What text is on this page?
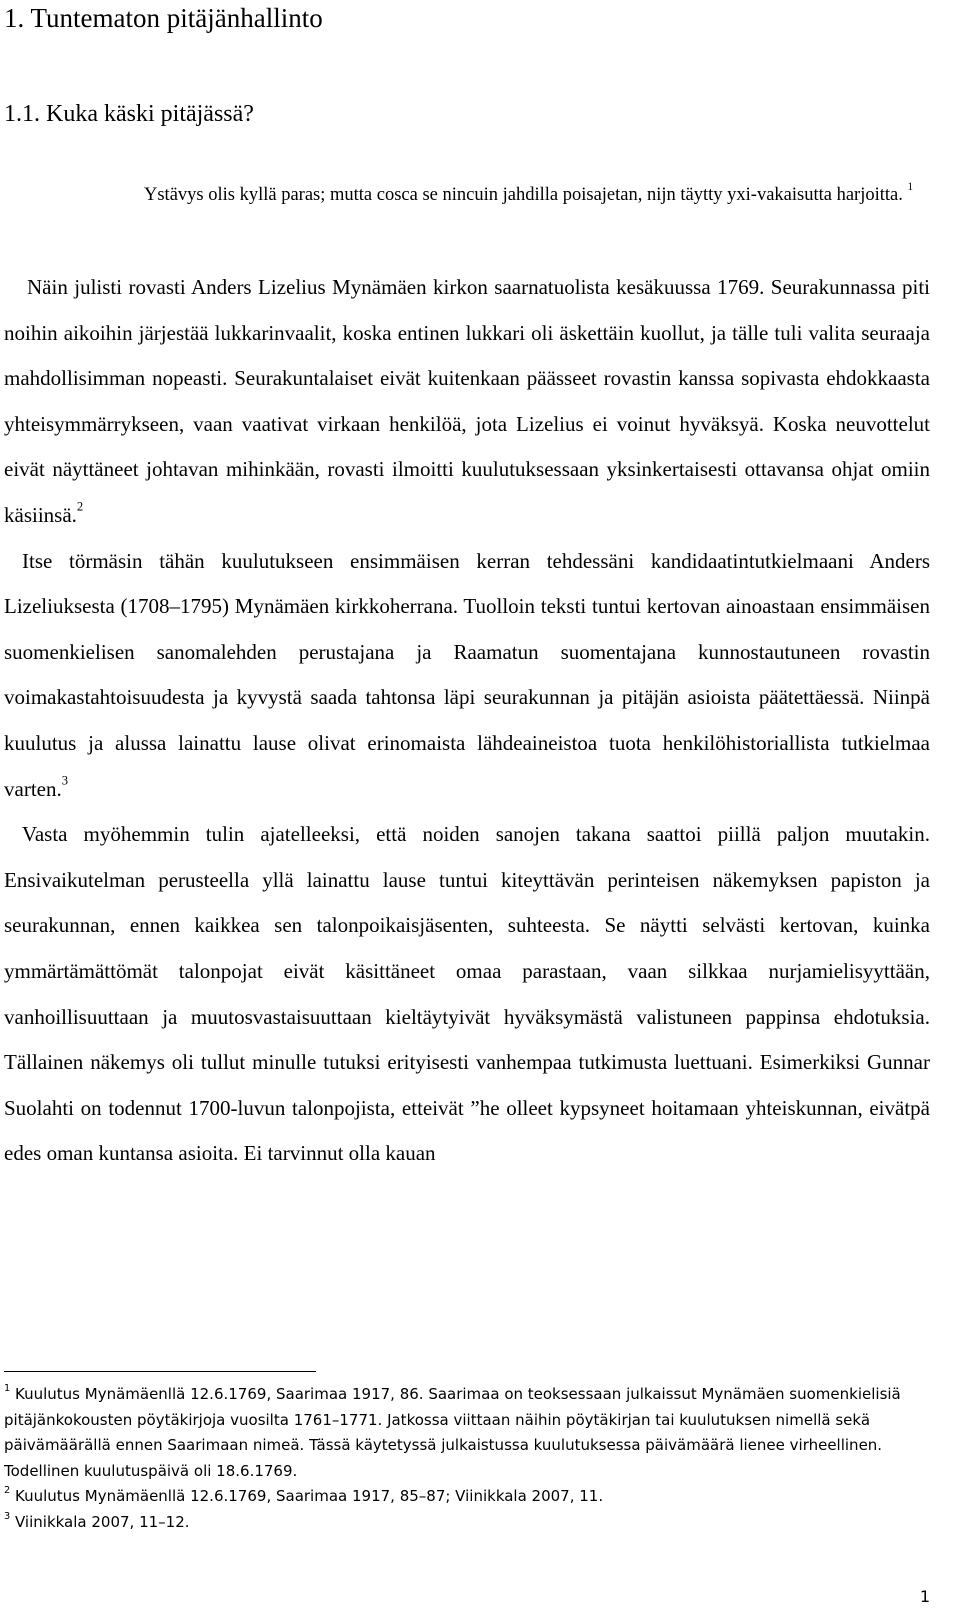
1. Tuntematon pitäjänhallinto
1.1. Kuka käski pitäjässä?

Ystävys olis kyllä paras; mutta cosca se nincuin jahdilla poisajetan, nijn täytty yxi-vakaisutta harjoitta. $^1$

Näin julisti rovasti Anders Lizelius Mynämäen kirkon saarnatuolista kesäkuussa 1769. Seurakunnassa piti noihin aikoihin järjestää lukkarinvaalit, koska entinen lukkari oli äskettäin kuollut, ja tälle tuli valita seuraaja mahdollisimman nopeasti. Seurakuntalaiset eivät kuitenkaan päässeet rovastin kanssa sopivasta ehdokkaasta yhteisymmärrykseen, vaan vaativat virkaan henkilöä, jota Lizelius ei voinut hyväksyä. Koska neuvottelut eivät näyttäneet johtavan mihinkään, rovasti ilmoitti kuulutuksessaan yksinkertaisesti ottavansa ohjat omiin käsiinsä.$^2$

Itse törmäsin tähän kuulutukseen ensimmäisen kerran tehdessäni kandidaatintutkielmaani Anders Lizeliuksesta (1708–1795) Mynämäen kirkkoherrana. Tuolloin teksti tuntui kertovan ainoastaan ensimmäisen suomenkielisen sanomalehden perustajana ja Raamatun suomentajana kunnostautuneen rovastin voimakastahtoisuudesta ja kyvystä saada tahtonsa läpi seurakunnan ja pitäjän asioista päätettäessä. Niinpä kuulutus ja alussa lainattu lause olivat erinomaista lähdeaineistoa tuota henkilöhistoriallista tutkielmaa varten.$^3$

Vasta myöhemmin tulin ajatelleeksi, että noiden sanojen takana saattoi piillä paljon muutakin. Ensivaikutelman perusteella yllä lainattu lause tuntui kiteyttävän perinteisen näkemyksen papiston ja seurakunnan, ennen kaikkea sen talonpoikaisjäsenten, suhteesta. Se näytti selvästi kertovan, kuinka ymmärtämättömät talonpojat eivät käsittäneet omaa parastaan, vaan silkkaa nurjamielisyyttään, vanhoillisuuttaan ja muutosvastaisuuttaan kieltäytyivät hyväksymästä valistuneen pappinsa ehdotuksia. Tällainen näkemys oli tullut minulle tutuksi erityisesti vanhempaa tutkimusta luettuani. Esimerkiksi Gunnar Suolahti on todennut 1700-luvun talonpojista, etteivät ”he olleet kypsyneet hoitamaan yhteiskunnan, eivätpä edes oman kuntansa asioita. Ei tarvinnut olla kauan

$^1$ Kuulutus Mynämäenllä 12.6.1769, Saarimaa 1917, 86. Saarimaa on teoksessaan julkaissut Mynämäen suomenkielisiä pitäjänkokousten pöytäkirjoja vuosilta 1761–1771. Jatkossa viittaan näihin pöytäkirjan tai kuulutuksen nimellä sekä päivämäärällä ennen Saarimaan nimeä. Tässä käytetyssä julkaistussa kuulutuksessa päivämäärä lienee virheellinen. Todellinen kuulutuspäivä oli 18.6.1769.

$^2$ Kuulutus Mynämäenllä 12.6.1769, Saarimaa 1917, 85–87; Viinikkala 2007, 11.

$^3$ Viinikkala 2007, 11–12.

1
